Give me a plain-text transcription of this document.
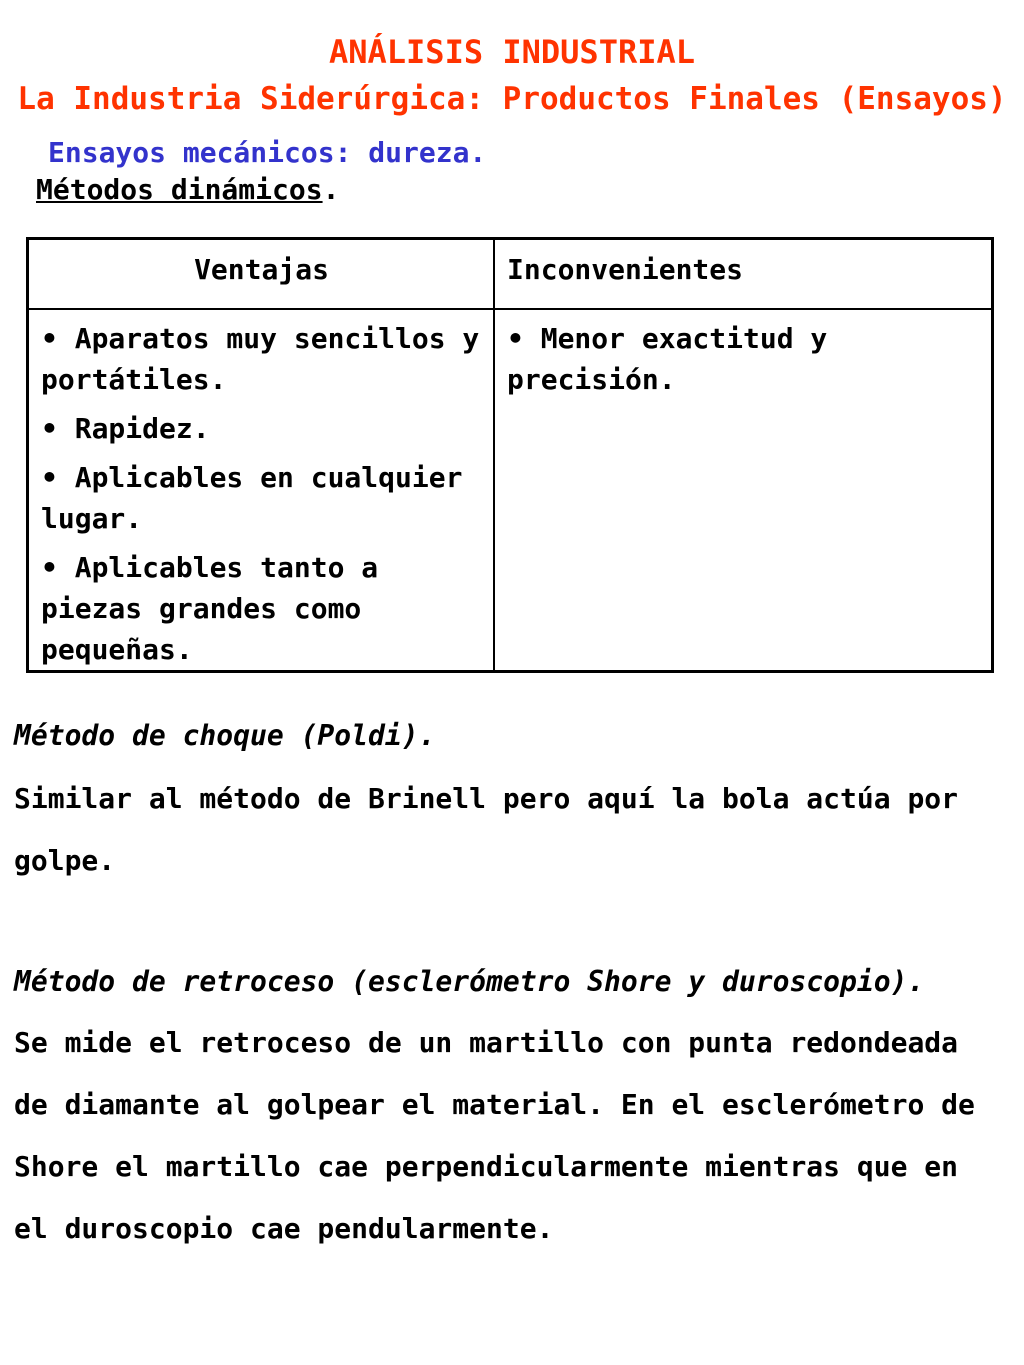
ANÁLISIS INDUSTRIAL
La Industria Siderúrgica: Productos Finales (Ensayos)
Ensayos mecánicos: dureza.
Métodos dinámicos.
Ventajas	Inconvenientes
• Aparatos muy sencillos y portátiles.
• Rapidez.
• Aplicables en cualquier lugar.
• Aplicables tanto a piezas grandes como pequeñas.
• Menor exactitud y precisión.
Método de choque (Poldi).
Similar al método de Brinell pero aquí la bola actúa por
golpe.
Método de retroceso (esclerómetro Shore y duroscopio).
Se mide el retroceso de un martillo con punta redondeada
de diamante al golpear el material. En el esclerómetro de
Shore el martillo cae perpendicularmente mientras que en
el duroscopio cae pendularmente.
